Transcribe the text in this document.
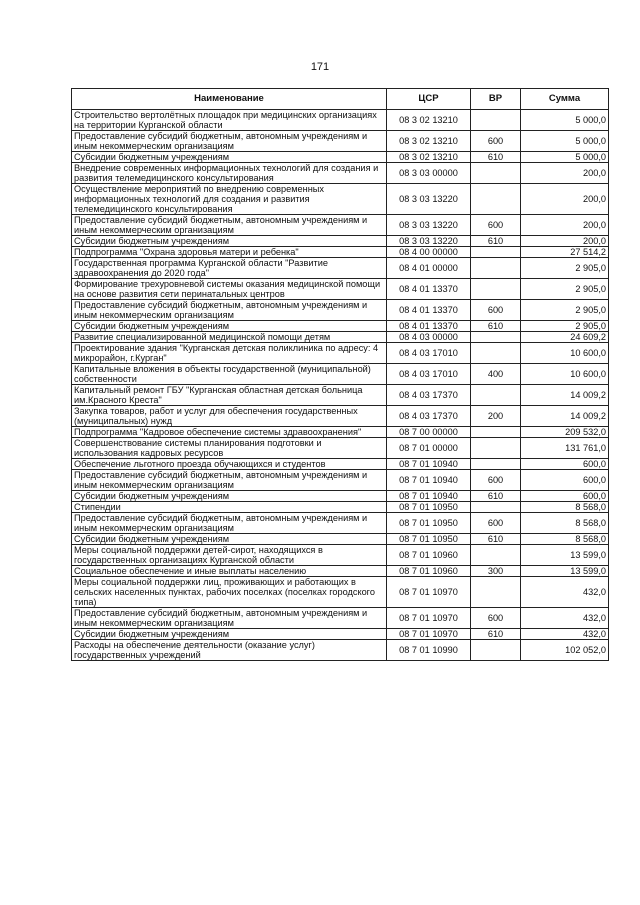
171
Наименование	ЦСР	ВР	Сумма
Строительство вертолётных площадок при медицинских организациях на территории Курганской области	08 3 02 13210		5 000,0
Предоставление субсидий бюджетным, автономным учреждениям и иным некоммерческим организациям	08 3 02 13210	600	5 000,0
Субсидии бюджетным учреждениям	08 3 02 13210	610	5 000,0
Внедрение современных информационных технологий для создания и развития телемедицинского консультирования	08 3 03 00000		200,0
Осуществление мероприятий по внедрению современных информационных технологий для создания и развития телемедицинского консультирования	08 3 03 13220		200,0
Предоставление субсидий бюджетным, автономным учреждениям и иным некоммерческим организациям	08 3 03 13220	600	200,0
Субсидии бюджетным учреждениям	08 3 03 13220	610	200,0
Подпрограмма "Охрана здоровья матери и ребенка"	08 4 00 00000		27 514,2
Государственная программа Курганской области "Развитие здравоохранения до 2020 года"	08 4 01 00000		2 905,0
Формирование трехуровневой системы оказания медицинской помощи на основе развития сети перинатальных центров	08 4 01 13370		2 905,0
Предоставление субсидий бюджетным, автономным учреждениям и иным некоммерческим организациям	08 4 01 13370	600	2 905,0
Субсидии бюджетным учреждениям	08 4 01 13370	610	2 905,0
Развитие специализированной медицинской помощи детям	08 4 03 00000		24 609,2
Проектирование здания "Курганская детская поликлиника по адресу: 4 микрорайон, г.Курган"	08 4 03 17010		10 600,0
Капитальные вложения в объекты государственной (муниципальной) собственности	08 4 03 17010	400	10 600,0
Капитальный ремонт ГБУ "Курганская областная детская больница им.Красного Креста"	08 4 03 17370		14 009,2
Закупка товаров, работ и услуг для обеспечения государственных (муниципальных) нужд	08 4 03 17370	200	14 009,2
Подпрограмма "Кадровое обеспечение системы здравоохранения"	08 7 00 00000		209 532,0
Совершенствование системы планирования подготовки и использования кадровых ресурсов	08 7 01 00000		131 761,0
Обеспечение льготного проезда обучающихся и студентов	08 7 01 10940		600,0
Предоставление субсидий бюджетным, автономным учреждениям и иным некоммерческим организациям	08 7 01 10940	600	600,0
Субсидии бюджетным учреждениям	08 7 01 10940	610	600,0
Стипендии	08 7 01 10950		8 568,0
Предоставление субсидий бюджетным, автономным учреждениям и иным некоммерческим организациям	08 7 01 10950	600	8 568,0
Субсидии бюджетным учреждениям	08 7 01 10950	610	8 568,0
Меры социальной поддержки детей-сирот, находящихся в государственных организациях Курганской области	08 7 01 10960		13 599,0
Социальное обеспечение и иные выплаты населению	08 7 01 10960	300	13 599,0
Меры социальной поддержки лиц, проживающих и работающих в сельских населенных пунктах, рабочих поселках (поселках городского типа)	08 7 01 10970		432,0
Предоставление субсидий бюджетным, автономным учреждениям и иным некоммерческим организациям	08 7 01 10970	600	432,0
Субсидии бюджетным учреждениям	08 7 01 10970	610	432,0
Расходы на обеспечение деятельности (оказание услуг) государственных учреждений	08 7 01 10990		102 052,0
